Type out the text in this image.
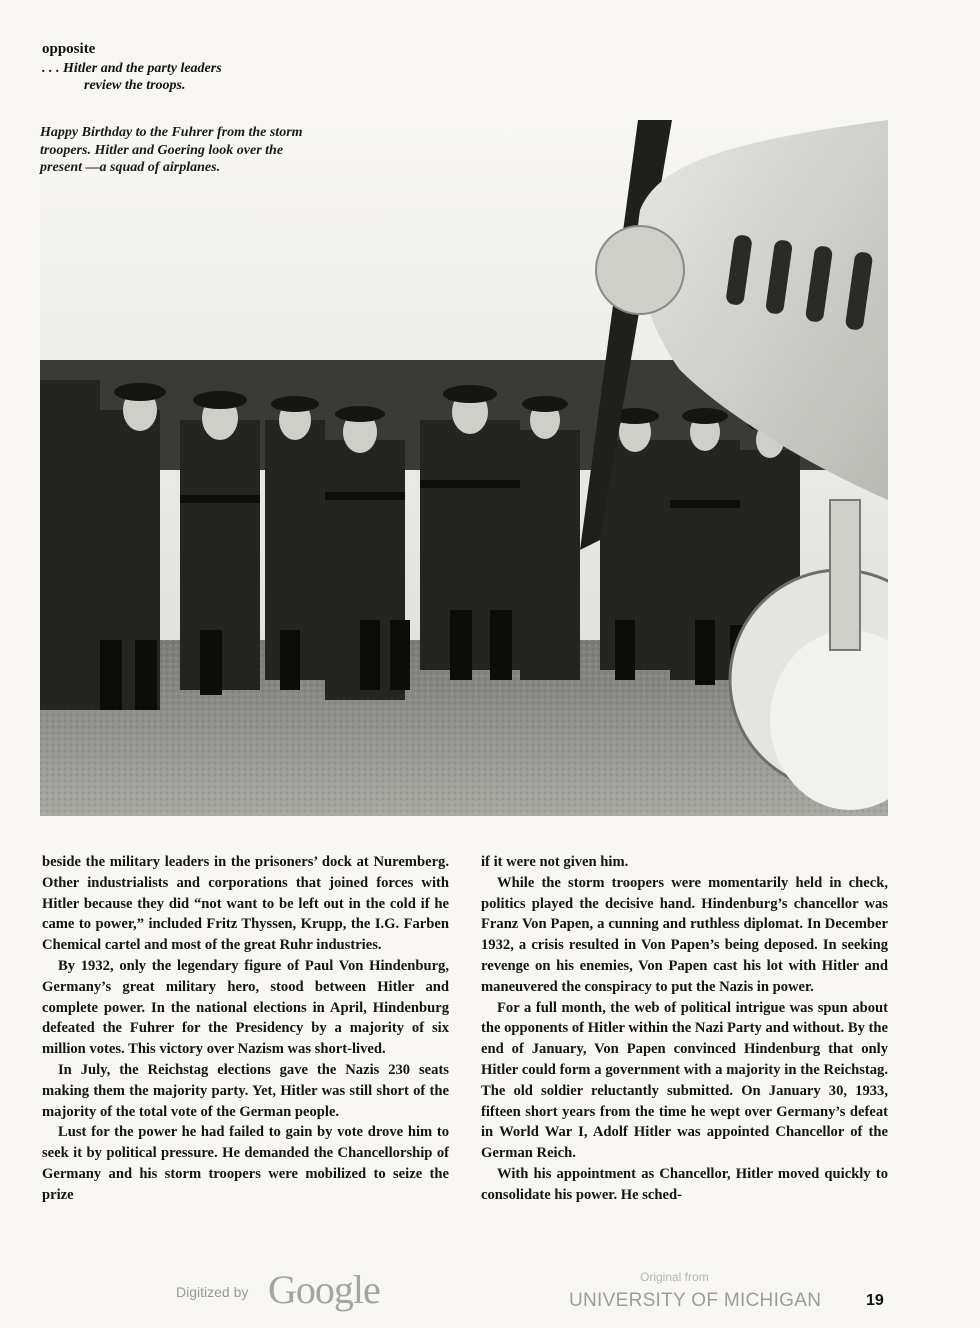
opposite
. . . Hitler and the party leaders
review the troops.
Happy Birthday to the Fuhrer from the storm troopers. Hitler and Goering look over the present —a squad of airplanes.

beside the military leaders in the prisoners’ dock at Nuremberg. Other industrialists and corporations that joined forces with Hitler because they did “not want to be left out in the cold if he came to power,” included Fritz Thyssen, Krupp, the I.G. Farben Chemical cartel and most of the great Ruhr industries.

By 1932, only the legendary figure of Paul Von Hindenburg, Germany’s great military hero, stood between Hitler and complete power. In the national elections in April, Hindenburg defeated the Fuhrer for the Presidency by a majority of six million votes. This victory over Nazism was short-lived.

In July, the Reichstag elections gave the Nazis 230 seats making them the majority party. Yet, Hitler was still short of the majority of the total vote of the German people.

Lust for the power he had failed to gain by vote drove him to seek it by political pressure. He demanded the Chancellorship of Germany and his storm troopers were mobilized to seize the prize

if it were not given him.

While the storm troopers were momentarily held in check, politics played the decisive hand. Hindenburg’s chancellor was Franz Von Papen, a cunning and ruthless diplomat. In December 1932, a crisis resulted in Von Papen’s being deposed. In seeking revenge on his enemies, Von Papen cast his lot with Hitler and maneuvered the conspiracy to put the Nazis in power.

For a full month, the web of political intrigue was spun about the opponents of Hitler within the Nazi Party and without. By the end of January, Von Papen convinced Hindenburg that only Hitler could form a government with a majority in the Reichstag. The old soldier reluctantly submitted. On January 30, 1933, fifteen short years from the time he wept over Germany’s defeat in World War I, Adolf Hitler was appointed Chancellor of the German Reich.

With his appointment as Chancellor, Hitler moved quickly to consolidate his power. He sched-

Digitized by Google	Original from
UNIVERSITY OF MICHIGAN	19
